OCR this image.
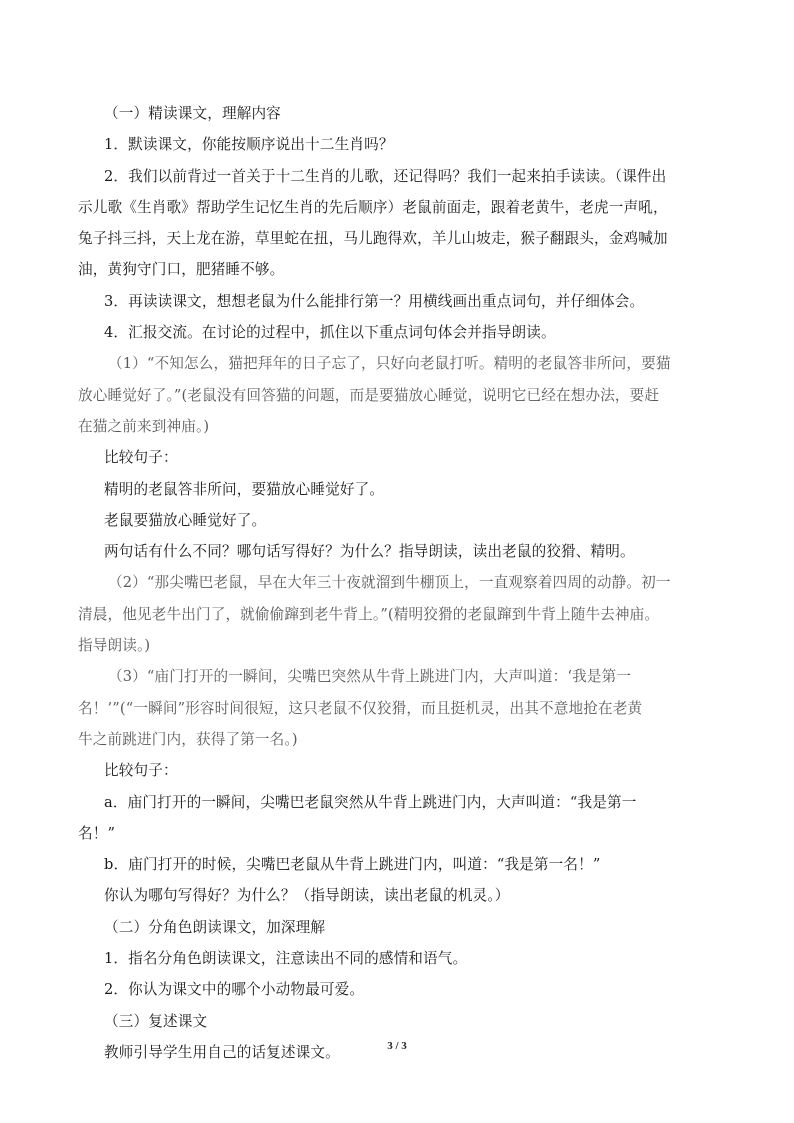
（一）精读课文，理解内容

1．默读课文，你能按顺序说出十二生肖吗？

2．我们以前背过一首关于十二生肖的儿歌，还记得吗？我们一起来拍手读读。（课件出

示儿歌《生肖歌》帮助学生记忆生肖的先后顺序）老鼠前面走，跟着老黄牛，老虎一声吼，

兔子抖三抖，天上龙在游，草里蛇在扭，马儿跑得欢，羊儿山坡走，猴子翻跟头，金鸡喊加

油，黄狗守门口，肥猪睡不够。

3．再读读课文，想想老鼠为什么能排行第一？用横线画出重点词句，并仔细体会。

4．汇报交流。在讨论的过程中，抓住以下重点词句体会并指导朗读。

（1）“不知怎么，猫把拜年的日子忘了，只好向老鼠打听。精明的老鼠答非所问，要猫

放心睡觉好了。”(老鼠没有回答猫的问题，而是要猫放心睡觉，说明它已经在想办法，要赶

在猫之前来到神庙。)

比较句子：

精明的老鼠答非所问，要猫放心睡觉好了。

老鼠要猫放心睡觉好了。

两句话有什么不同？哪句话写得好？为什么？指导朗读，读出老鼠的狡猾、精明。

（2）“那尖嘴巴老鼠，早在大年三十夜就溜到牛棚顶上，一直观察着四周的动静。初一

清晨，他见老牛出门了，就偷偷蹿到老牛背上。”(精明狡猾的老鼠蹿到牛背上随牛去神庙。

指导朗读。)

（3）“庙门打开的一瞬间，尖嘴巴突然从牛背上跳进门内，大声叫道：‘我是第一

名！’”(“一瞬间”形容时间很短，这只老鼠不仅狡猾，而且挺机灵，出其不意地抢在老黄

牛之前跳进门内，获得了第一名。)

比较句子：

a．庙门打开的一瞬间，尖嘴巴老鼠突然从牛背上跳进门内，大声叫道：“我是第一

名！”

b．庙门打开的时候，尖嘴巴老鼠从牛背上跳进门内，叫道：“我是第一名！”

你认为哪句写得好？为什么？（指导朗读，读出老鼠的机灵。）

（二）分角色朗读课文，加深理解

1．指名分角色朗读课文，注意读出不同的感情和语气。

2．你认为课文中的哪个小动物最可爱。

（三）复述课文

教师引导学生用自己的话复述课文。	3 / 3
